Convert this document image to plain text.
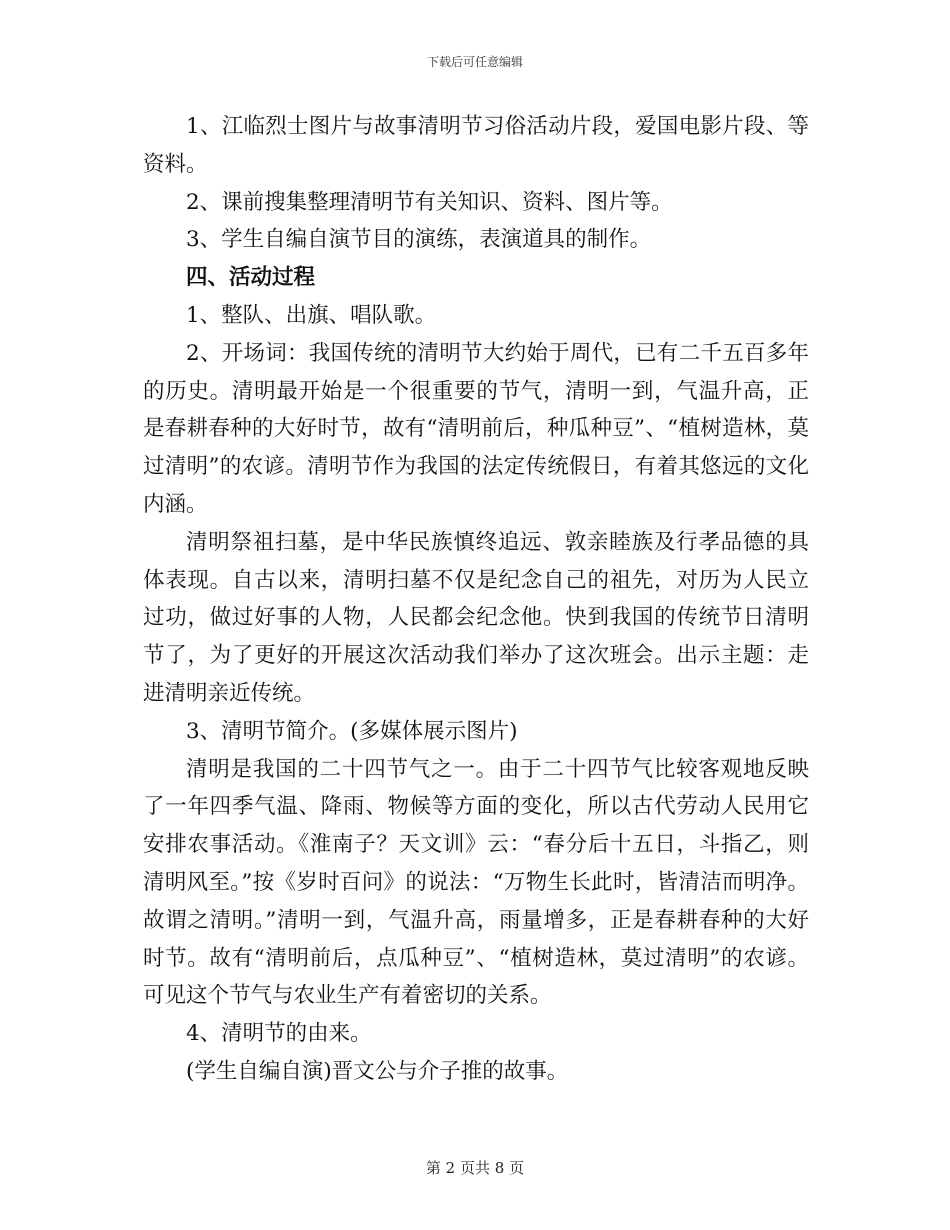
下载后可任意编辑

1、江临烈士图片与故事清明节习俗活动片段，爱国电影片段、等资料。

2、课前搜集整理清明节有关知识、资料、图片等。

3、学生自编自演节目的演练，表演道具的制作。

四、活动过程

1、整队、出旗、唱队歌。

2、开场词：我国传统的清明节大约始于周代，已有二千五百多年的历史。清明最开始是一个很重要的节气，清明一到，气温升高，正是春耕春种的大好时节，故有“清明前后，种瓜种豆”、“植树造林，莫过清明”的农谚。清明节作为我国的法定传统假日，有着其悠远的文化内涵。

清明祭祖扫墓，是中华民族慎终追远、敦亲睦族及行孝品德的具体表现。自古以来，清明扫墓不仅是纪念自己的祖先，对历为人民立过功，做过好事的人物，人民都会纪念他。快到我国的传统节日清明节了，为了更好的开展这次活动我们举办了这次班会。出示主题：走进清明亲近传统。

3、清明节简介。(多媒体展示图片)

清明是我国的二十四节气之一。由于二十四节气比较客观地反映了一年四季气温、降雨、物候等方面的变化，所以古代劳动人民用它安排农事活动。《淮南子？天文训》云：“春分后十五日，斗指乙，则清明风至。”按《岁时百问》的说法：“万物生长此时，皆清洁而明净。故谓之清明。”清明一到，气温升高，雨量增多，正是春耕春种的大好时节。故有“清明前后，点瓜种豆”、“植树造林，莫过清明”的农谚。可见这个节气与农业生产有着密切的关系。

4、清明节的由来。

(学生自编自演)晋文公与介子推的故事。

第 2 页共 8 页
